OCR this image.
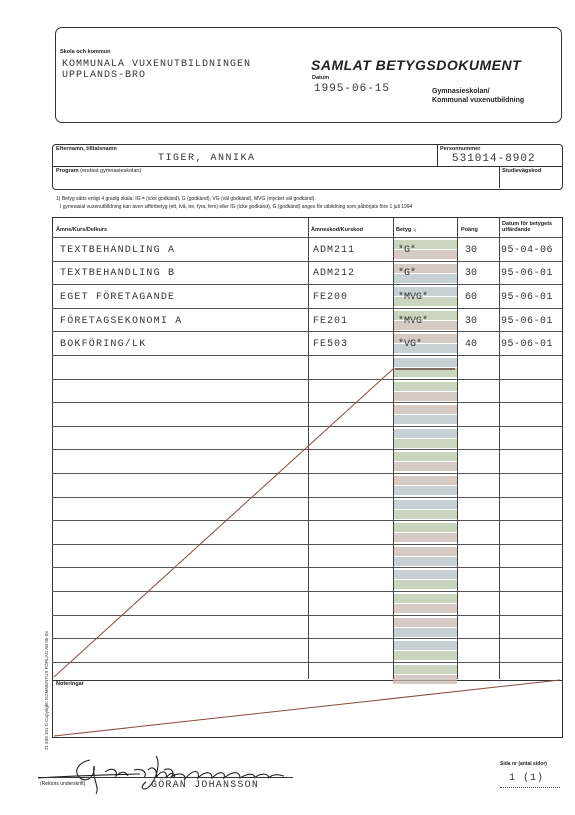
Skola och kommun
KOMMUNALA VUXENUTBILDNINGEN
UPPLANDS-BRO
SAMLAT BETYGSDOKUMENT
Datum
1995-06-15	Gymnasieskolan/
Kommunal vuxenutbildning
Efternamn, tilltalsnamn
TIGER, ANNIKA
Personnummer
531014-8902
Program (endast gymnasieskolan)	Studievägskod
1) Betyg sätts enligt 4 gradig skala: IG = (icke godkänd), G (godkänd), VG (väl godkänd), MVG (mycket väl godkänd).
I gymnasial vuxenutbildning kan även sifferbetyg (ett, två, tre, fyra, fem) eller IG (icke godkänd), G (godkänd) anges för utbildning som påbörjats före 1 juli 1994
Ämne/Kurs/Delkurs	Ämneskod/Kurskod	Betyg 1)	Poäng
Datum för betygets utfärdande
TEXTBEHANDLING A	ADM211	*G*	30 95-04-06
TEXTBEHANDLING B	ADM212	*G*	30 95-06-01
EGET FÖRETAGANDE	FE200	*MVG*	60 95-06-01
FÖRETAGSEKONOMI A	FE201	*MVG*	30 95-06-01
BOKFÖRING/LK	FE503	*VG*	40 95-06-01
Noteringar
21 638 101 © Copyright: KOMMENTUS FÖRLAG AB 95-04
(Rektors underskrift)	GÖRAN JOHANSSON
Sida nr (antal sidor)
1 (1)
